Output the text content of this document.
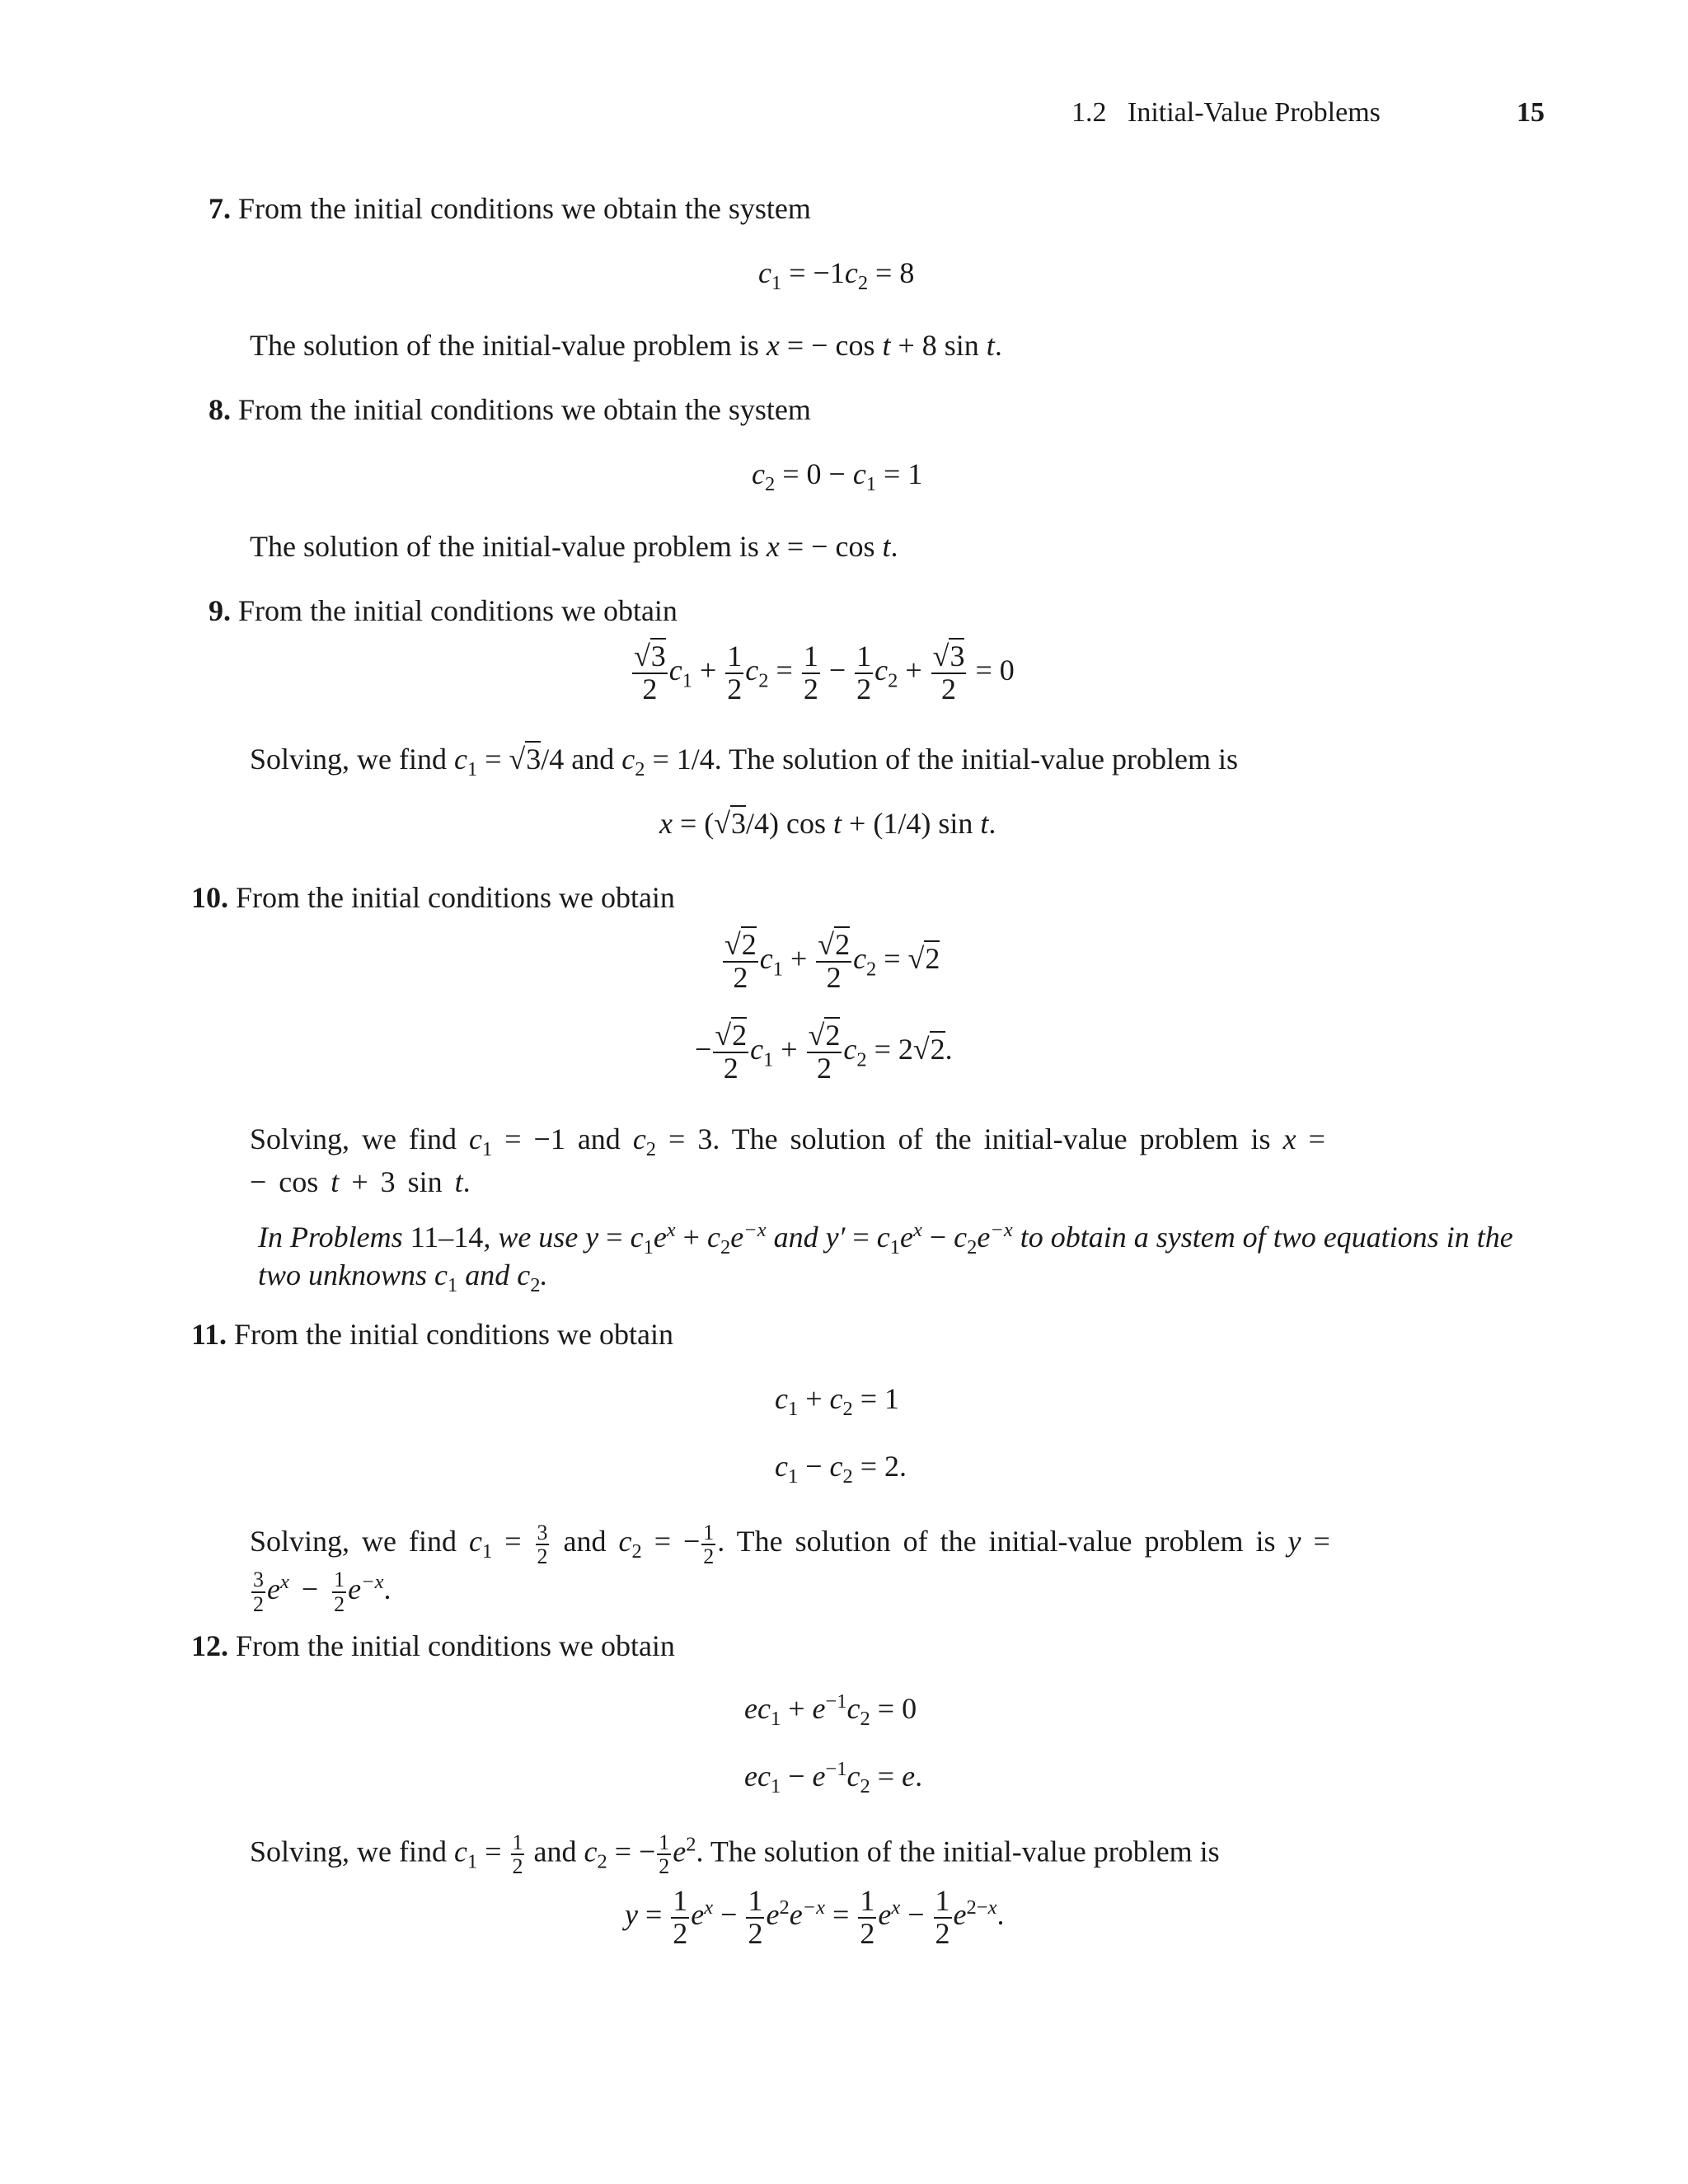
1.2   Initial-Value Problems	15
7. From the initial conditions we obtain the system
$c_1 = -1c_2 = 8$
The solution of the initial-value problem is x = − cos t + 8 sin t.
8. From the initial conditions we obtain the system
$c_2 = 0 - c_1 = 1$
The solution of the initial-value problem is x = − cos t.
9. From the initial conditions we obtain
$\frac{√3}{2} c_1 + \frac{1}{2} c_2 = \frac{1}{2} - \frac{1}{2} c_2 + \frac{√3}{2} = 0$
Solving, we find $c_1 = √3/4$ and $c_2 = 1/4$. The solution of the initial-value problem is
x = (√3/4) cos t + (1/4) sin t.
10. From the initial conditions we obtain
$\frac{√2}{2} c_1 + \frac{√2}{2} c_2 = √2$
− $\frac{√2}{2} c_1 + \frac{√2}{2} c_2 = 2√2$.
Solving, we find $c_1 = -1$ and $c_2 = 3$. The solution of the initial-value problem is x =
− cos t + 3 sin t.
In Problems 11–14, we use $y = c_1e^x + c_2e^{-x}$ and $y' = c_1e^x - c_2e^{-x}$ to obtain a system of two equations in the two unknowns $c_1$ and $c_2$.
11. From the initial conditions we obtain
$c_1 + c_2 = 1$
$c_1 - c_2 = 2$.
Solving, we find $c_1 = \frac{3}{2}$ and $c_2$ = − $\frac{1}{2}$ . The solution of the initial-value problem is y =

$\frac{3}{2} e^x - \frac{1}{2} e^{-x}$.
12. From the initial conditions we obtain
$ec_1 + e^{-1}c_2 = 0$
$ec_1 - e^{-1}c_2 = e$.
Solving, we find $c_1 = \frac{1}{2}$ and $c_2$ = − $\frac{1}{2} e^2$. The solution of the initial-value problem is
$y = \frac{1}{2} e^x - \frac{1}{2} e^2e^{-x} = \frac{1}{2} e^x - \frac{1}{2} e^{2-x}$.
